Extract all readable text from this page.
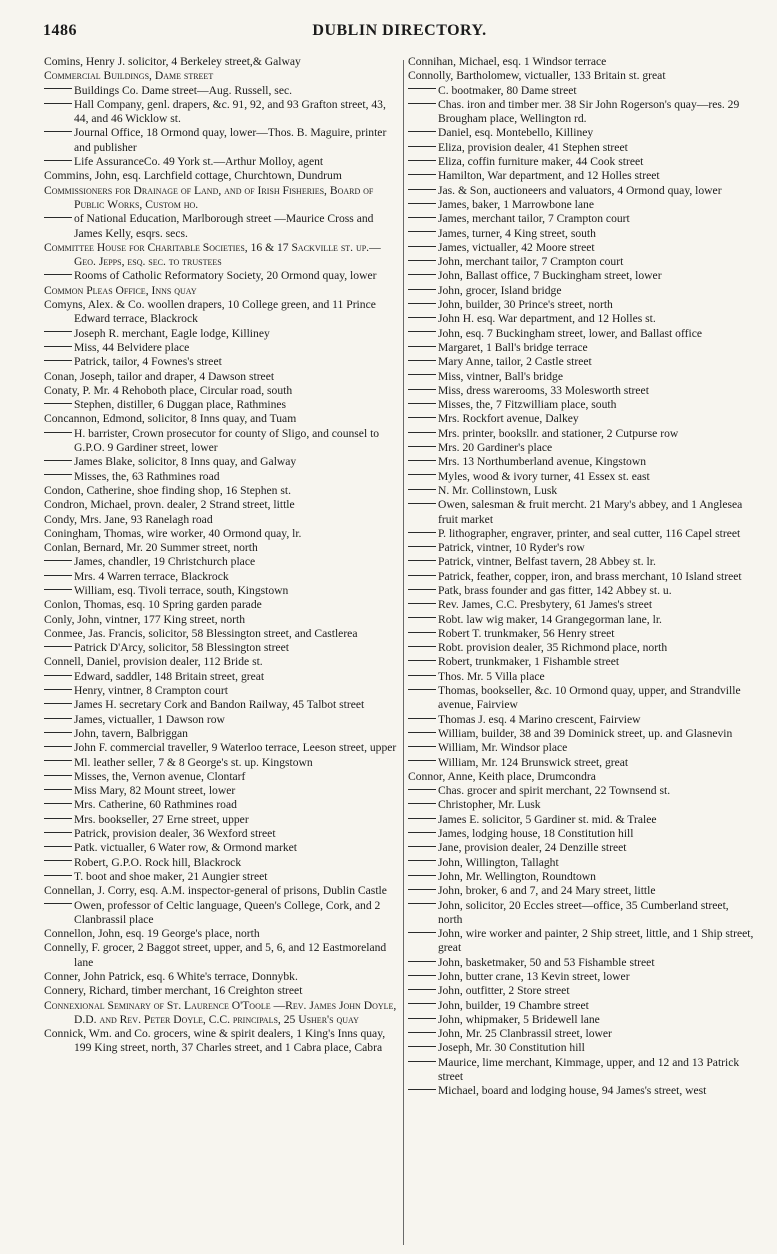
1486	DUBLIN DIRECTORY.

Comins, Henry J. solicitor, 4 Berkeley street,& Galway

Commercial Buildings, Dame street

Buildings Co. Dame street—Aug. Russell, sec.

Hall Company, genl. drapers, &c. 91, 92, and 93 Grafton street, 43, 44, and 46 Wicklow st.

Journal Office, 18 Ormond quay, lower—Thos. B. Maguire, printer and publisher

Life AssuranceCo. 49 York st.—Arthur Molloy, agent

Commins, John, esq. Larchfield cottage, Churchtown, Dundrum

Commissioners for Drainage of Land, and of Irish Fisheries, Board of Public Works, Custom ho.

of National Education, Marlborough street —Maurice Cross and James Kelly, esqrs. secs.

Committee House for Charitable Societies, 16 & 17 Sackville st. up.—Geo. Jepps, esq. sec. to trustees

Rooms of Catholic Reformatory Society, 20 Ormond quay, lower

Common Pleas Office, Inns quay

Comyns, Alex. & Co. woollen drapers, 10 College green, and 11 Prince Edward terrace, Blackrock

Joseph R. merchant, Eagle lodge, Killiney

Miss, 44 Belvidere place

Patrick, tailor, 4 Fownes's street

Conan, Joseph, tailor and draper, 4 Dawson street

Conaty, P. Mr. 4 Rehoboth place, Circular road, south

Stephen, distiller, 6 Duggan place, Rathmines

Concannon, Edmond, solicitor, 8 Inns quay, and Tuam

H. barrister, Crown prosecutor for county of Sligo, and counsel to G.P.O. 9 Gardiner street, lower

James Blake, solicitor, 8 Inns quay, and Galway

Misses, the, 63 Rathmines road

Condon, Catherine, shoe finding shop, 16 Stephen st.

Condron, Michael, provn. dealer, 2 Strand street, little

Condy, Mrs. Jane, 93 Ranelagh road

Coningham, Thomas, wire worker, 40 Ormond quay, lr.

Conlan, Bernard, Mr. 20 Summer street, north

James, chandler, 19 Christchurch place

Mrs. 4 Warren terrace, Blackrock

William, esq. Tivoli terrace, south, Kingstown

Conlon, Thomas, esq. 10 Spring garden parade

Conly, John, vintner, 177 King street, north

Conmee, Jas. Francis, solicitor, 58 Blessington street, and Castlerea

Patrick D'Arcy, solicitor, 58 Blessington street

Connell, Daniel, provision dealer, 112 Bride st.

Edward, saddler, 148 Britain street, great

Henry, vintner, 8 Crampton court

James H. secretary Cork and Bandon Railway, 45 Talbot street

James, victualler, 1 Dawson row

John, tavern, Balbriggan

John F. commercial traveller, 9 Waterloo terrace, Leeson street, upper

Ml. leather seller, 7 & 8 George's st. up. Kingstown

Misses, the, Vernon avenue, Clontarf

Miss Mary, 82 Mount street, lower

Mrs. Catherine, 60 Rathmines road

Mrs. bookseller, 27 Erne street, upper

Patrick, provision dealer, 36 Wexford street

Patk. victualler, 6 Water row, & Ormond market

Robert, G.P.O. Rock hill, Blackrock

T. boot and shoe maker, 21 Aungier street

Connellan, J. Corry, esq. A.M. inspector-general of prisons, Dublin Castle

Owen, professor of Celtic language, Queen's College, Cork, and 2 Clanbrassil place

Connellon, John, esq. 19 George's place, north

Connelly, F. grocer, 2 Baggot street, upper, and 5, 6, and 12 Eastmoreland lane

Conner, John Patrick, esq. 6 White's terrace, Donnybk.

Connery, Richard, timber merchant, 16 Creighton street

Connexional Seminary of St. Laurence O'Toole —Rev. James John Doyle, D.D. and Rev. Peter Doyle, C.C. principals, 25 Usher's quay

Connick, Wm. and Co. grocers, wine & spirit dealers, 1 King's Inns quay, 199 King street, north, 37 Charles street, and 1 Cabra place, Cabra

Connihan, Michael, esq. 1 Windsor terrace

Connolly, Bartholomew, victualler, 133 Britain st. great

C. bootmaker, 80 Dame street

Chas. iron and timber mer. 38 Sir John Rogerson's quay—res. 29 Brougham place, Wellington rd.

Daniel, esq. Montebello, Killiney

Eliza, provision dealer, 41 Stephen street

Eliza, coffin furniture maker, 44 Cook street

Hamilton, War department, and 12 Holles street

Jas. & Son, auctioneers and valuators, 4 Ormond quay, lower

James, baker, 1 Marrowbone lane

James, merchant tailor, 7 Crampton court

James, turner, 4 King street, south

James, victualler, 42 Moore street

John, merchant tailor, 7 Crampton court

John, Ballast office, 7 Buckingham street, lower

John, grocer, Island bridge

John, builder, 30 Prince's street, north

John H. esq. War department, and 12 Holles st.

John, esq. 7 Buckingham street, lower, and Ballast office

Margaret, 1 Ball's bridge terrace

Mary Anne, tailor, 2 Castle street

Miss, vintner, Ball's bridge

Miss, dress warerooms, 33 Molesworth street

Misses, the, 7 Fitzwilliam place, south

Mrs. Rockfort avenue, Dalkey

Mrs. printer, booksllr. and stationer, 2 Cutpurse row

Mrs. 20 Gardiner's place

Mrs. 13 Northumberland avenue, Kingstown

Myles, wood & ivory turner, 41 Essex st. east

N. Mr. Collinstown, Lusk

Owen, salesman & fruit mercht. 21 Mary's abbey, and 1 Anglesea fruit market

P. lithographer, engraver, printer, and seal cutter, 116 Capel street

Patrick, vintner, 10 Ryder's row

Patrick, vintner, Belfast tavern, 28 Abbey st. lr.

Patrick, feather, copper, iron, and brass merchant, 10 Island street

Patk, brass founder and gas fitter, 142 Abbey st. u.

Rev. James, C.C. Presbytery, 61 James's street

Robt. law wig maker, 14 Grangegorman lane, lr.

Robert T. trunkmaker, 56 Henry street

Robt. provision dealer, 35 Richmond place, north

Robert, trunkmaker, 1 Fishamble street

Thos. Mr. 5 Villa place

Thomas, bookseller, &c. 10 Ormond quay, upper, and Strandville avenue, Fairview

Thomas J. esq. 4 Marino crescent, Fairview

William, builder, 38 and 39 Dominick street, up. and Glasnevin

William, Mr. Windsor place

William, Mr. 124 Brunswick street, great

Connor, Anne, Keith place, Drumcondra

Chas. grocer and spirit merchant, 22 Townsend st.

Christopher, Mr. Lusk

James E. solicitor, 5 Gardiner st. mid. & Tralee

James, lodging house, 18 Constitution hill

Jane, provision dealer, 24 Denzille street

John, Willington, Tallaght

John, Mr. Wellington, Roundtown

John, broker, 6 and 7, and 24 Mary street, little

John, solicitor, 20 Eccles street—office, 35 Cumberland street, north

John, wire worker and painter, 2 Ship street, little, and 1 Ship street, great

John, basketmaker, 50 and 53 Fishamble street

John, butter crane, 13 Kevin street, lower

John, outfitter, 2 Store street

John, builder, 19 Chambre street

John, whipmaker, 5 Bridewell lane

John, Mr. 25 Clanbrassil street, lower

Joseph, Mr. 30 Constitution hill

Maurice, lime merchant, Kimmage, upper, and 12 and 13 Patrick street

Michael, board and lodging house, 94 James's street, west
